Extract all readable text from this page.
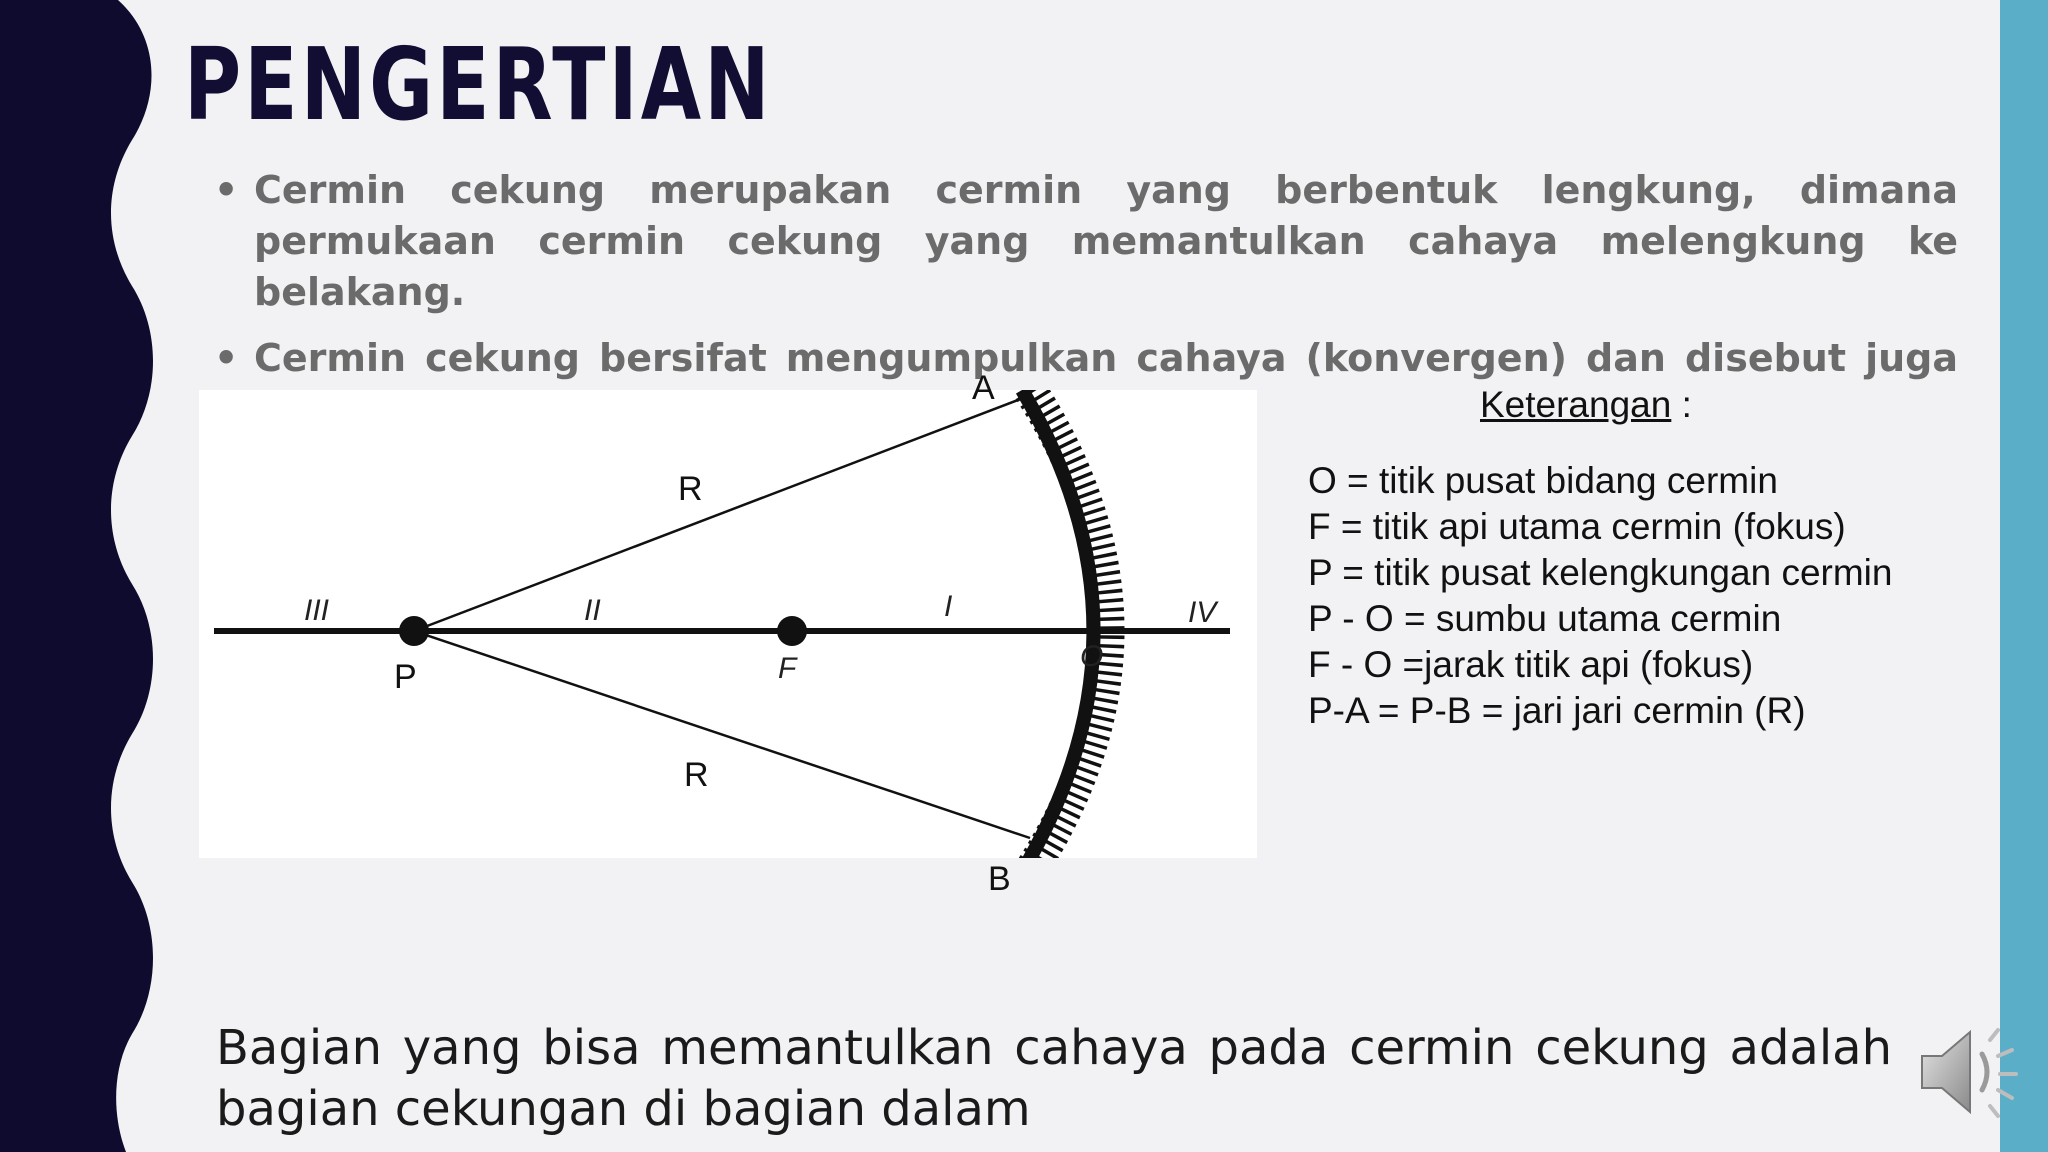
PENGERTIAN
• Cermin cekung merupakan cermin yang berbentuk lengkung, dimana permukaan cermin cekung yang memantulkan cahaya melengkung ke belakang.
• Cermin cekung bersifat mengumpulkan cahaya (konvergen) dan disebut juga
A
B
P	F	O
R
R
III	II	I	IV
Keterangan :
O = titik pusat bidang cermin
F = titik api utama cermin (fokus)
P = titik pusat kelengkungan cermin
P - O = sumbu utama cermin
F - O =jarak titik api (fokus)
P-A = P-B = jari jari cermin (R)

Bagian yang bisa memantulkan cahaya pada cermin cekung adalah bagian cekungan di bagian dalam
